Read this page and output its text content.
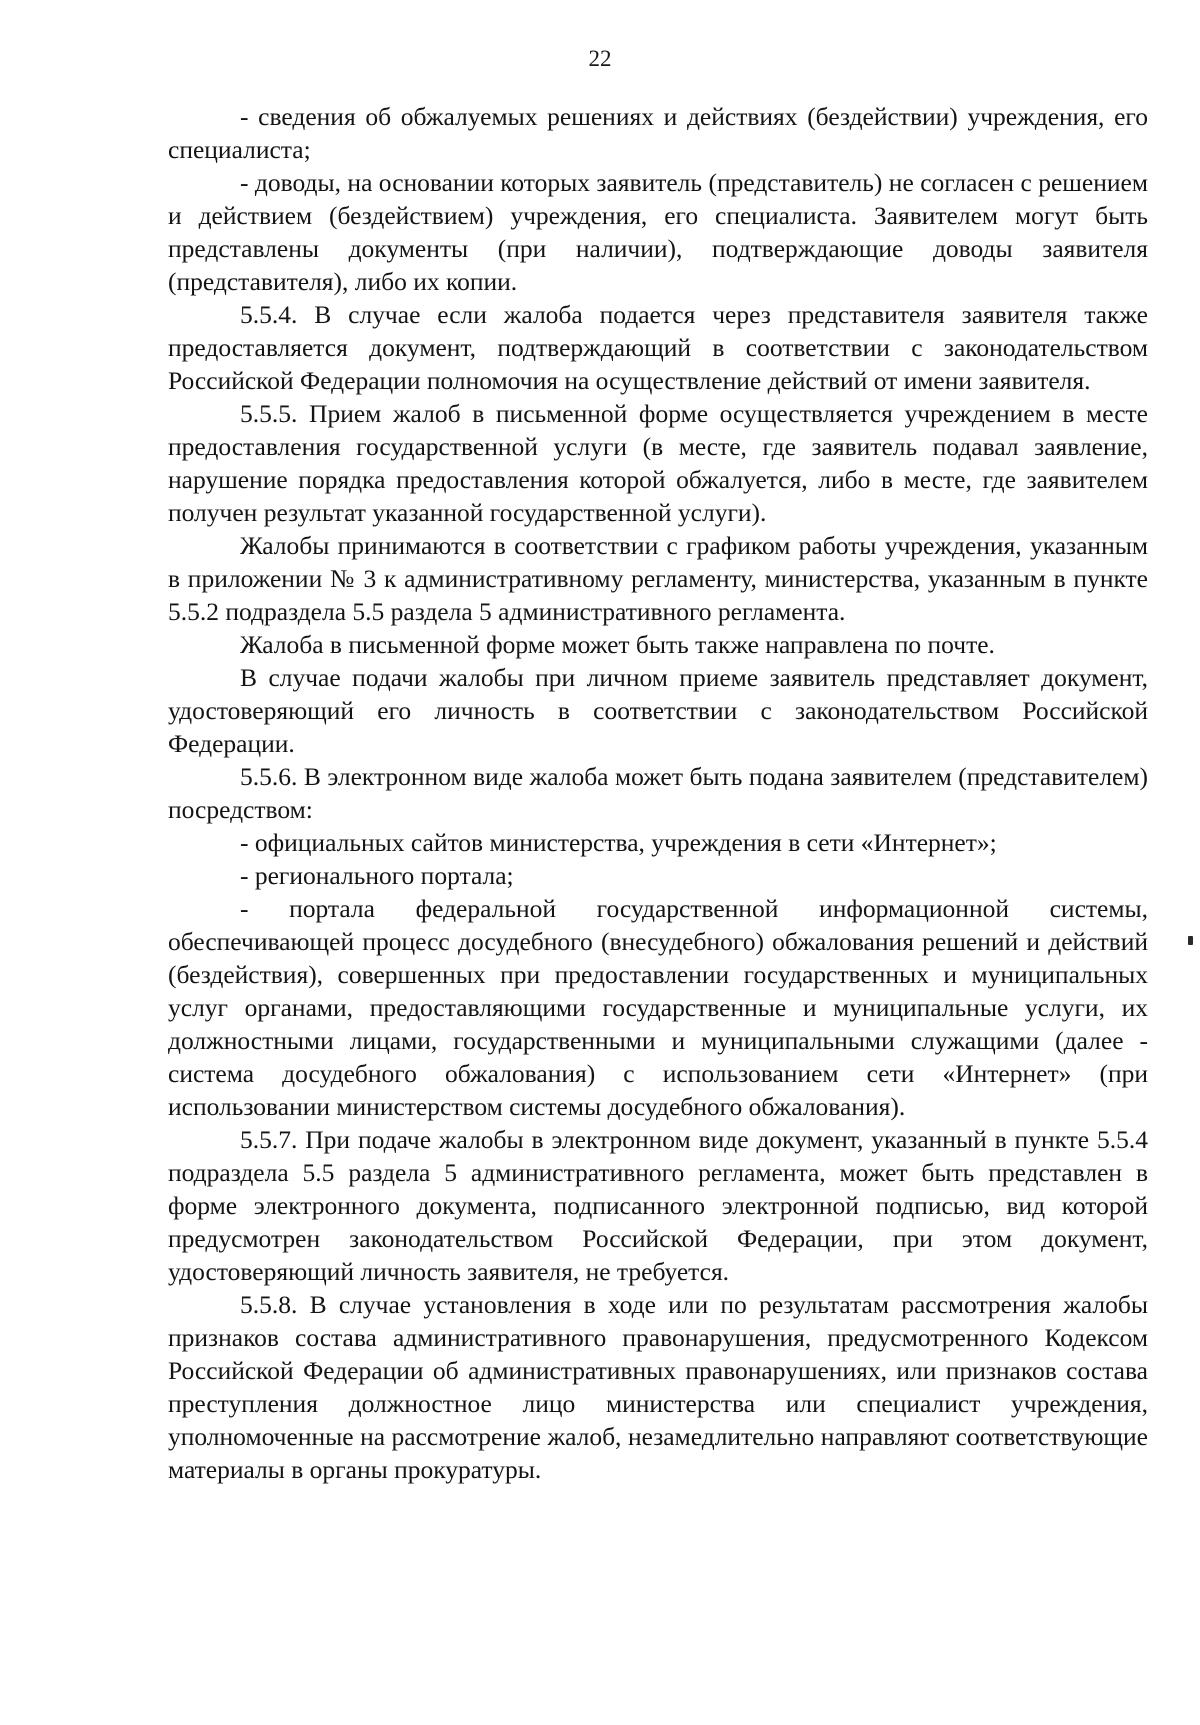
22

- сведения об обжалуемых решениях и действиях (бездействии) учреждения, его специалиста;

- доводы, на основании которых заявитель (представитель) не согласен с решением и действием (бездействием) учреждения, его специалиста. Заявителем могут быть представлены документы (при наличии), подтверждающие доводы заявителя (представителя), либо их копии.

5.5.4. В случае если жалоба подается через представителя заявителя также предоставляется документ, подтверждающий в соответствии с законодательством Российской Федерации полномочия на осуществление действий от имени заявителя.

5.5.5. Прием жалоб в письменной форме осуществляется учреждением в месте предоставления государственной услуги (в месте, где заявитель подавал заявление, нарушение порядка предоставления которой обжалуется, либо в месте, где заявителем получен результат указанной государственной услуги).

Жалобы принимаются в соответствии с графиком работы учреждения, указанным в приложении № 3 к административному регламенту, министерства, указанным в пункте 5.5.2 подраздела 5.5 раздела 5 административного регламента.

Жалоба в письменной форме может быть также направлена по почте.

В случае подачи жалобы при личном приеме заявитель представляет документ, удостоверяющий его личность в соответствии с законодательством Российской Федерации.

5.5.6. В электронном виде жалоба может быть подана заявителем (представителем) посредством:

- официальных сайтов министерства, учреждения в сети «Интернет»;

- регионального портала;

- портала федеральной государственной информационной системы, обеспечивающей процесс досудебного (внесудебного) обжалования решений и действий (бездействия), совершенных при предоставлении государственных и муниципальных услуг органами, предоставляющими государственные и муниципальные услуги, их должностными лицами, государственными и муниципальными служащими (далее - система досудебного обжалования) с использованием сети «Интернет» (при использовании министерством системы досудебного обжалования).

5.5.7. При подаче жалобы в электронном виде документ, указанный в пункте 5.5.4 подраздела 5.5 раздела 5 административного регламента, может быть представлен в форме электронного документа, подписанного электронной подписью, вид которой предусмотрен законодательством Российской Федерации, при этом документ, удостоверяющий личность заявителя, не требуется.

5.5.8. В случае установления в ходе или по результатам рассмотрения жалобы признаков состава административного правонарушения, предусмотренного Кодексом Российской Федерации об административных правонарушениях, или признаков состава преступления должностное лицо министерства или специалист учреждения, уполномоченные на рассмотрение жалоб, незамедлительно направляют соответствующие материалы в органы прокуратуры.
